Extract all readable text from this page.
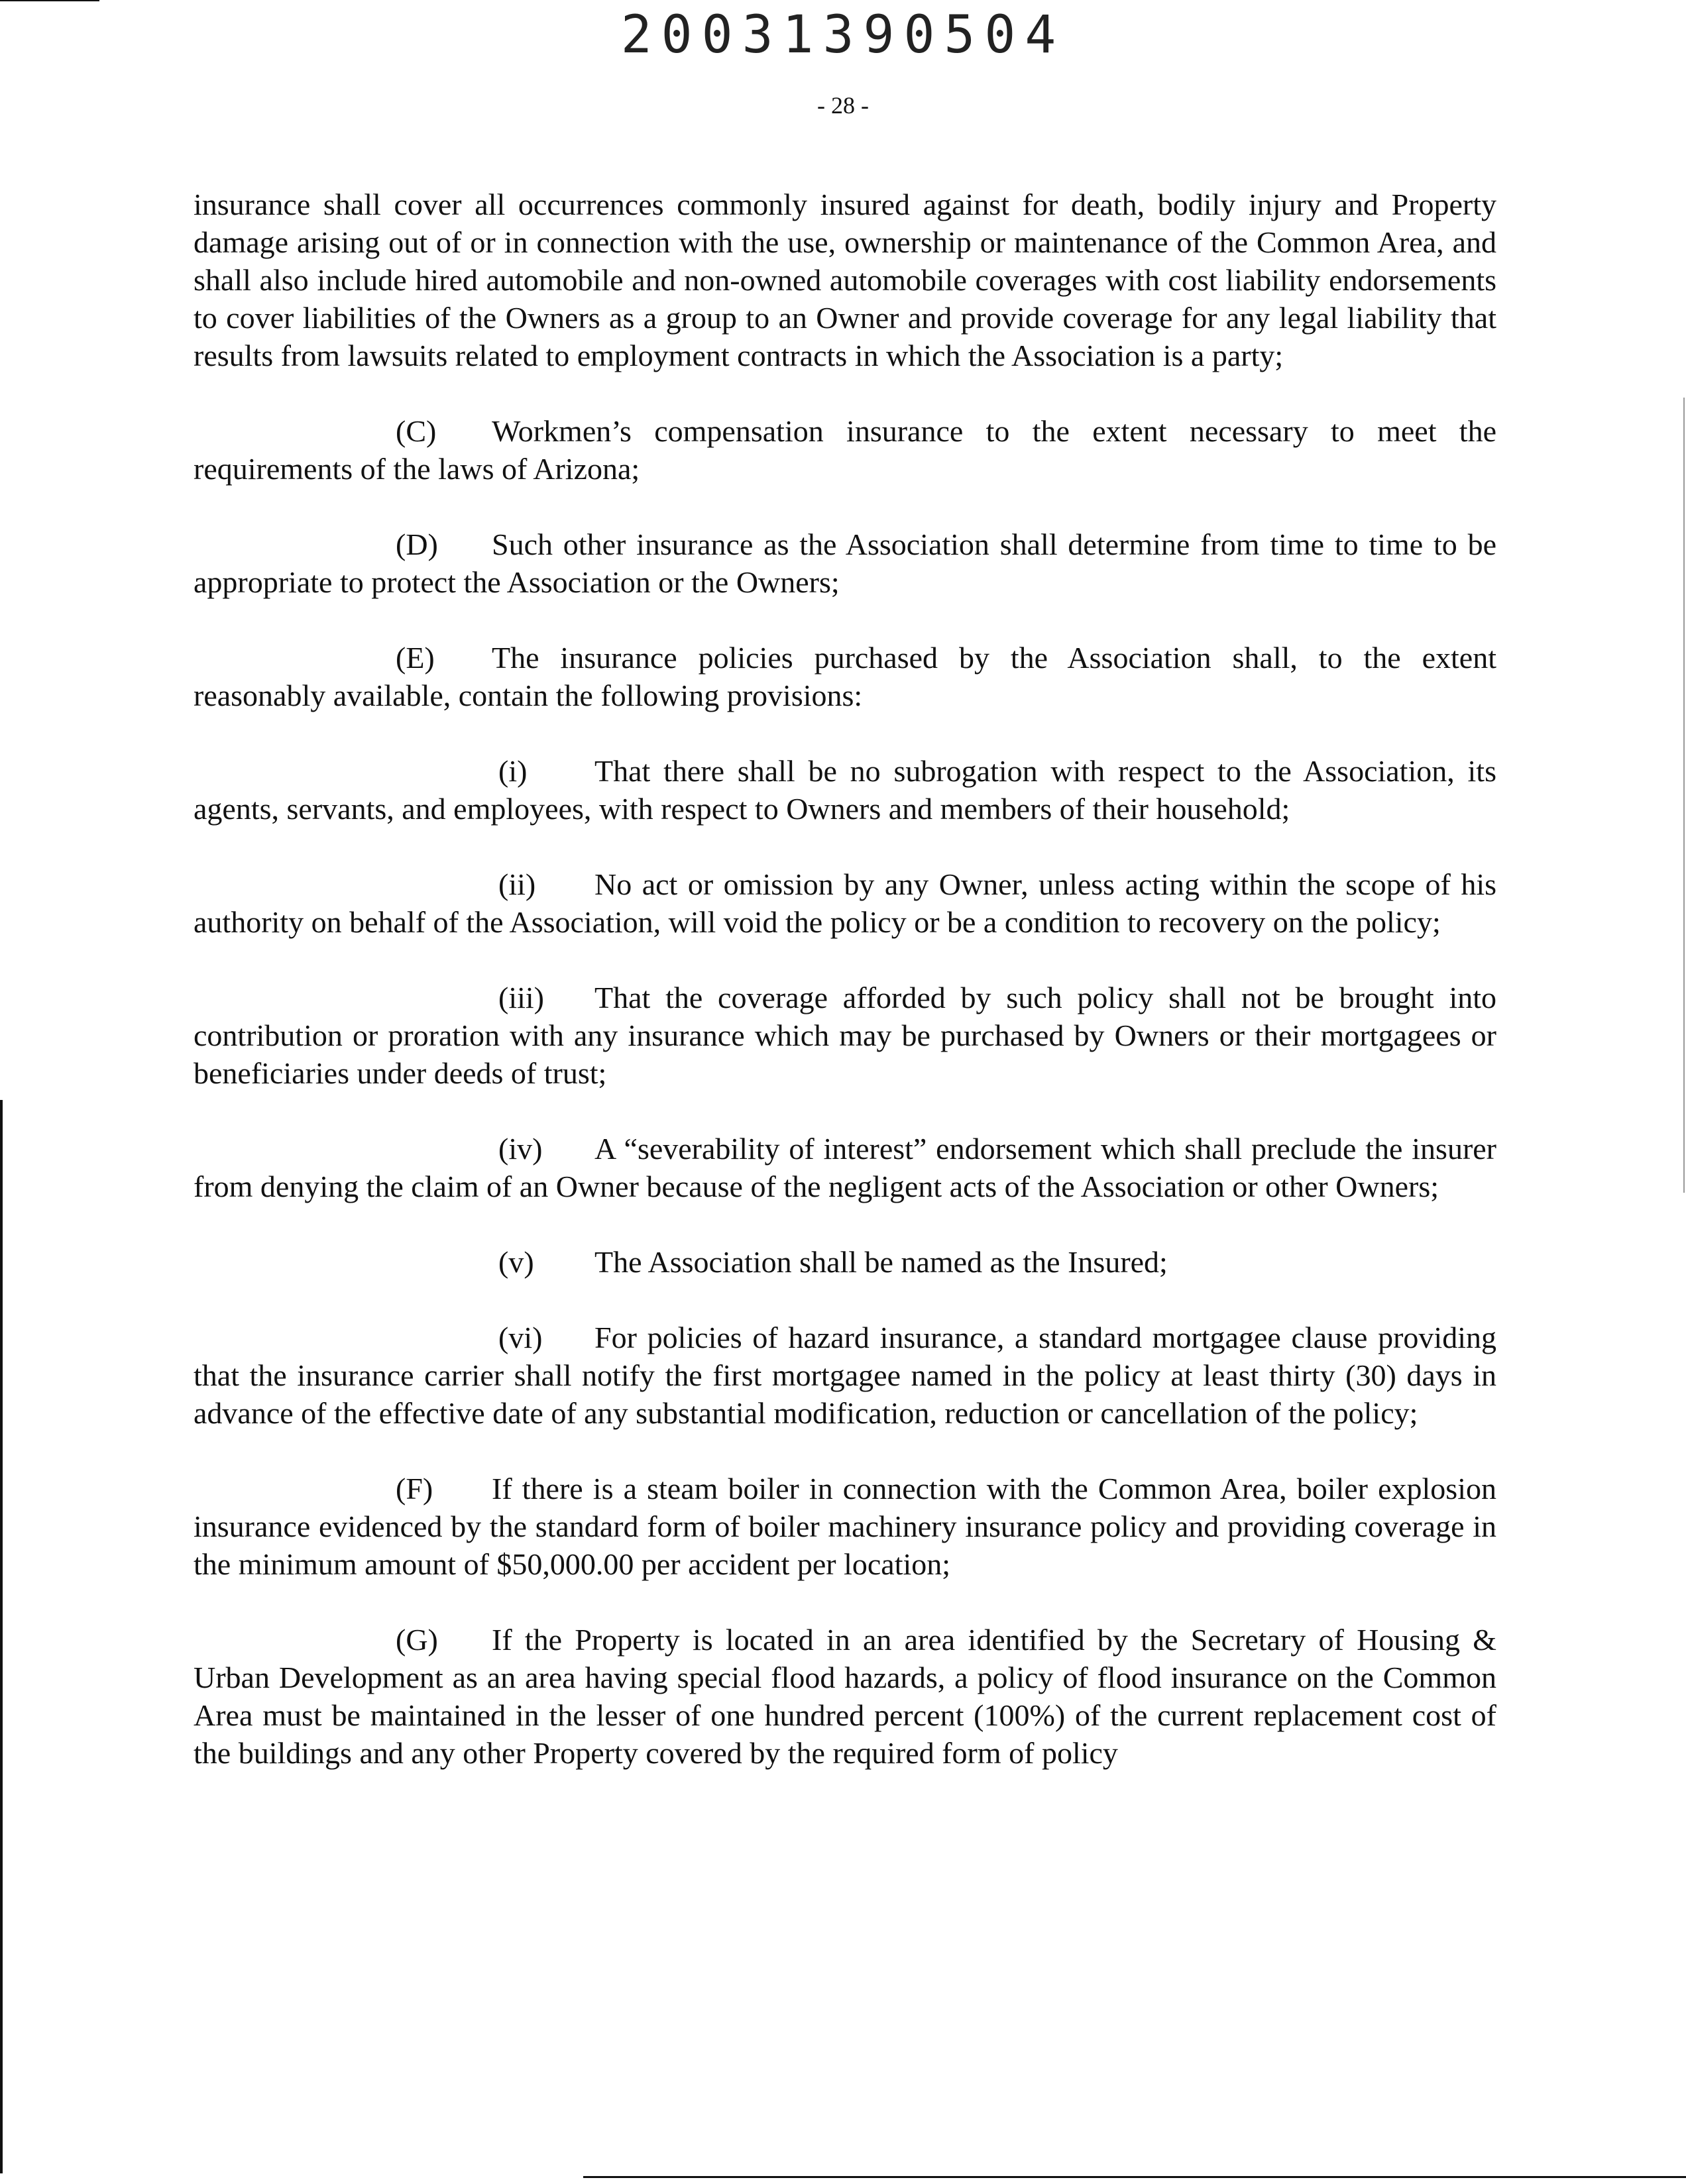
20031390504
- 28 -

insurance shall cover all occurrences commonly insured against for death, bodily injury and Property damage arising out of or in connection with the use, ownership or maintenance of the Common Area, and shall also include hired automobile and non-owned automobile coverages with cost liability endorsements to cover liabilities of the Owners as a group to an Owner and provide coverage for any legal liability that results from lawsuits related to employment contracts in which the Association is a party;

(C) Workmen’s compensation insurance to the extent necessary to meet the requirements of the laws of Arizona;

(D) Such other insurance as the Association shall determine from time to time to be appropriate to protect the Association or the Owners;

(E) The insurance policies purchased by the Association shall, to the extent reasonably available, contain the following provisions:

(i) That there shall be no subrogation with respect to the Association, its agents, servants, and employees, with respect to Owners and members of their household;

(ii) No act or omission by any Owner, unless acting within the scope of his authority on behalf of the Association, will void the policy or be a condition to recovery on the policy;

(iii) That the coverage afforded by such policy shall not be brought into contribution or proration with any insurance which may be purchased by Owners or their mortgagees or beneficiaries under deeds of trust;

(iv) A “severability of interest” endorsement which shall preclude the insurer from denying the claim of an Owner because of the negligent acts of the Association or other Owners;

(v) The Association shall be named as the Insured;

(vi) For policies of hazard insurance, a standard mortgagee clause providing that the insurance carrier shall notify the first mortgagee named in the policy at least thirty (30) days in advance of the effective date of any substantial modification, reduction or cancellation of the policy;

(F) If there is a steam boiler in connection with the Common Area, boiler explosion insurance evidenced by the standard form of boiler machinery insurance policy and providing coverage in the minimum amount of $50,000.00 per accident per location;

(G) If the Property is located in an area identified by the Secretary of Housing & Urban Development as an area having special flood hazards, a policy of flood insurance on the Common Area must be maintained in the lesser of one hundred percent (100%) of the current replacement cost of the buildings and any other Property covered by the required form of policy
